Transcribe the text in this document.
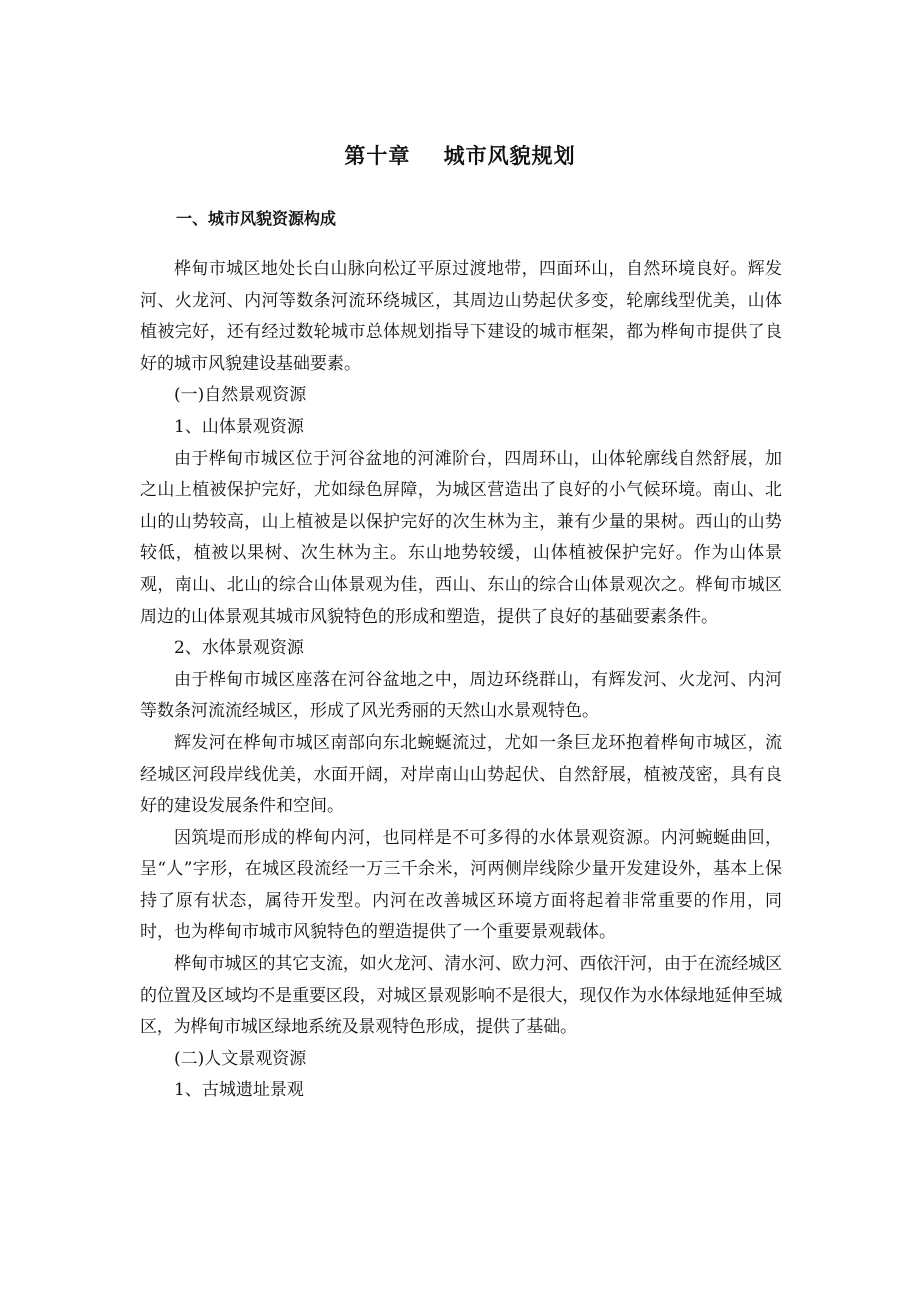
第十章    城市风貌规划
一、城市风貌资源构成

桦甸市城区地处长白山脉向松辽平原过渡地带，四面环山，自然环境良好。辉发河、火龙河、内河等数条河流环绕城区，其周边山势起伏多变，轮廓线型优美，山体植被完好，还有经过数轮城市总体规划指导下建设的城市框架，都为桦甸市提供了良好的城市风貌建设基础要素。

(一)自然景观资源

1、山体景观资源

由于桦甸市城区位于河谷盆地的河滩阶台，四周环山，山体轮廓线自然舒展，加之山上植被保护完好，尤如绿色屏障，为城区营造出了良好的小气候环境。南山、北山的山势较高，山上植被是以保护完好的次生林为主，兼有少量的果树。西山的山势较低，植被以果树、次生林为主。东山地势较缓，山体植被保护完好。作为山体景观，南山、北山的综合山体景观为佳，西山、东山的综合山体景观次之。桦甸市城区周边的山体景观其城市风貌特色的形成和塑造，提供了良好的基础要素条件。

2、水体景观资源

由于桦甸市城区座落在河谷盆地之中，周边环绕群山，有辉发河、火龙河、内河等数条河流流经城区，形成了风光秀丽的天然山水景观特色。

辉发河在桦甸市城区南部向东北蜿蜒流过，尤如一条巨龙环抱着桦甸市城区，流经城区河段岸线优美，水面开阔，对岸南山山势起伏、自然舒展，植被茂密，具有良好的建设发展条件和空间。

因筑堤而形成的桦甸内河，也同样是不可多得的水体景观资源。内河蜿蜒曲回，呈“人”字形，在城区段流经一万三千余米，河两侧岸线除少量开发建设外，基本上保持了原有状态，属待开发型。内河在改善城区环境方面将起着非常重要的作用，同时，也为桦甸市城市风貌特色的塑造提供了一个重要景观载体。

桦甸市城区的其它支流，如火龙河、清水河、欧力河、西依汗河，由于在流经城区的位置及区域均不是重要区段，对城区景观影响不是很大，现仅作为水体绿地延伸至城区，为桦甸市城区绿地系统及景观特色形成，提供了基础。

(二)人文景观资源

1、古城遗址景观
